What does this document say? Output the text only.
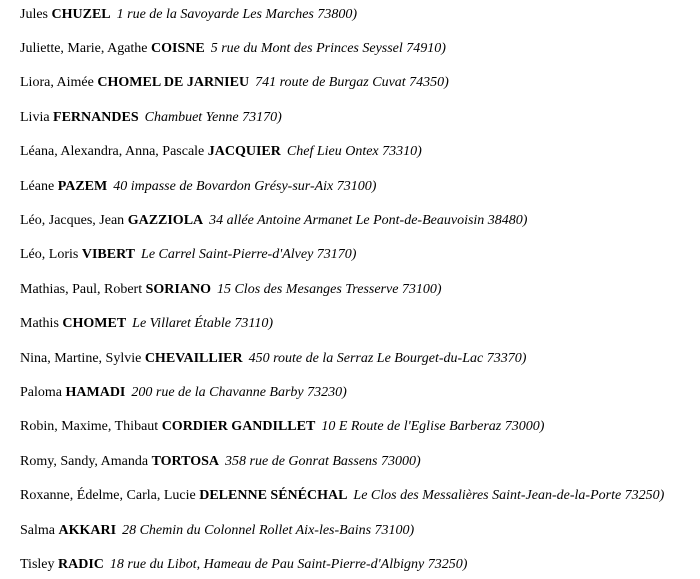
Jules CHUZEL 1 rue de la Savoyarde Les Marches 73800)
Juliette, Marie, Agathe COISNE 5 rue du Mont des Princes Seyssel 74910)
Liora, Aimée CHOMEL DE JARNIEU 741 route de Burgaz Cuvat 74350)
Livia FERNANDES Chambuet Yenne 73170)
Léana, Alexandra, Anna, Pascale JACQUIER Chef Lieu Ontex 73310)
Léane PAZEM 40 impasse de Bovardon Grésy-sur-Aix 73100)
Léo, Jacques, Jean GAZZIOLA 34 allée Antoine Armanet Le Pont-de-Beauvoisin 38480)
Léo, Loris VIBERT Le Carrel Saint-Pierre-d'Alvey 73170)
Mathias, Paul, Robert SORIANO 15 Clos des Mesanges Tresserve 73100)
Mathis CHOMET Le Villaret Étable 73110)
Nina, Martine, Sylvie CHEVAILLIER 450 route de la Serraz Le Bourget-du-Lac 73370)
Paloma HAMADI 200 rue de la Chavanne Barby 73230)
Robin, Maxime, Thibaut CORDIER GANDILLET 10 E Route de l'Eglise Barberaz 73000)
Romy, Sandy, Amanda TORTOSA 358 rue de Gonrat Bassens 73000)
Roxanne, Édelme, Carla, Lucie DELENNE SÉNÉCHAL Le Clos des Messalières Saint-Jean-de-la-Porte 73250)
Salma AKKARI 28 Chemin du Colonnel Rollet Aix-les-Bains 73100)
Tisley RADIC 18 rue du Libot, Hameau de Pau Saint-Pierre-d'Albigny 73250)
